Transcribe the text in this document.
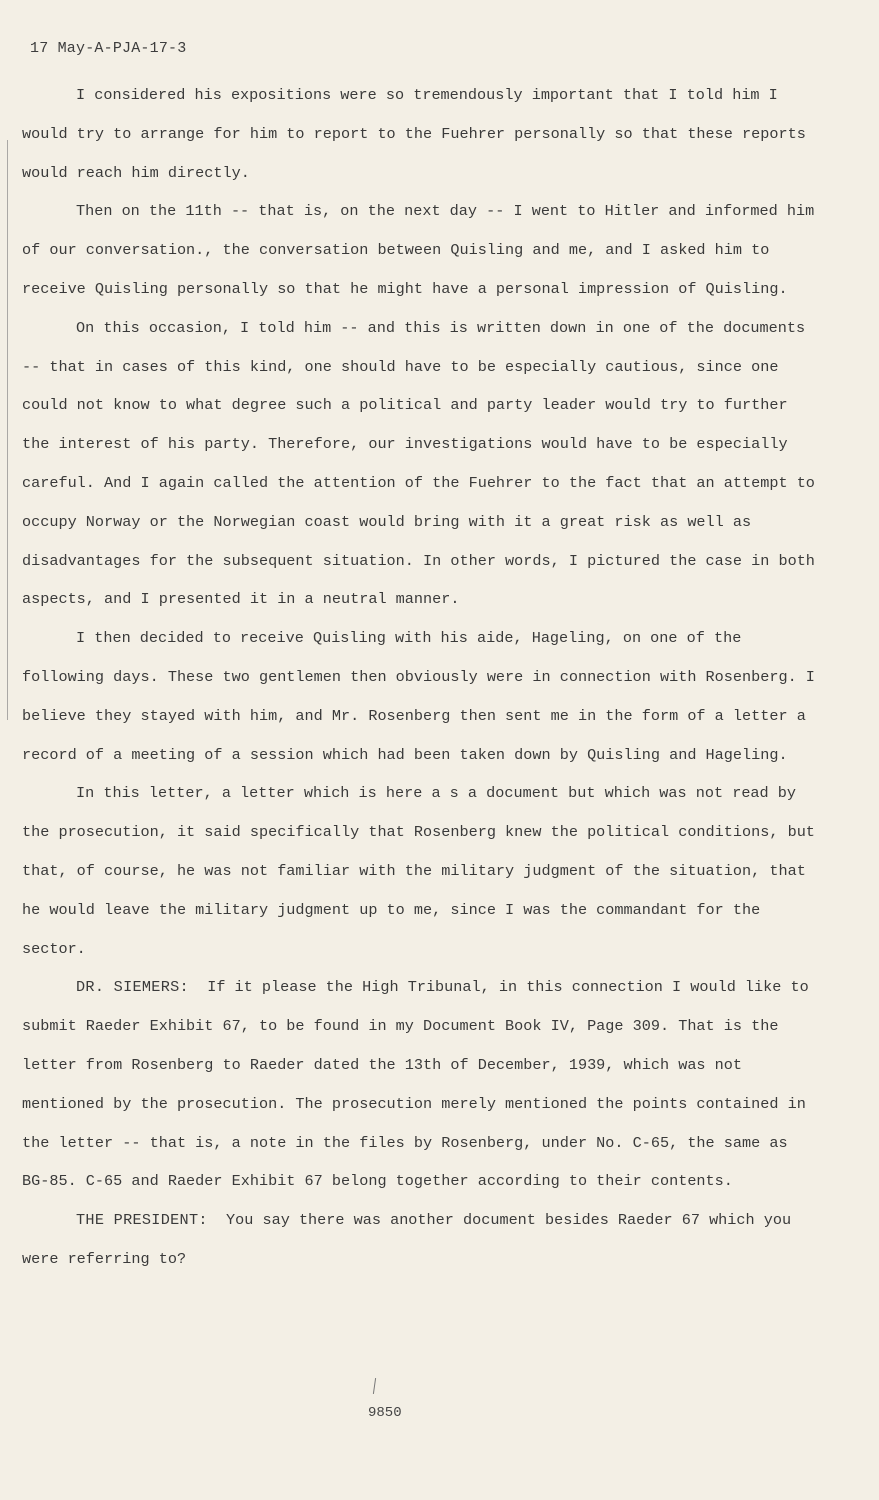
17 May-A-PJA-17-3

I considered his expositions were so tremendously important that I told him I would try to arrange for him to report to the Fuehrer personally so that these reports would reach him directly.

Then on the 11th -- that is, on the next day -- I went to Hitler and informed him of our conversation., the conversation between Quisling and me, and I asked him to receive Quisling personally so that he might have a personal impression of Quisling.

On this occasion, I told him -- and this is written down in one of the documents -- that in cases of this kind, one should have to be especially cautious, since one could not know to what degree such a political and party leader would try to further the interest of his party. Therefore, our investigations would have to be especially careful. And I again called the attention of the Fuehrer to the fact that an attempt to occupy Norway or the Norwegian coast would bring with it a great risk as well as disadvantages for the subsequent situation. In other words, I pictured the case in both aspects, and I presented it in a neutral manner.

I then decided to receive Quisling with his aide, Hageling, on one of the following days. These two gentlemen then obviously were in connection with Rosenberg. I believe they stayed with him, and Mr. Rosenberg then sent me in the form of a letter a record of a meeting of a session which had been taken down by Quisling and Hageling.

In this letter, a letter which is here a s a document but which was not read by the prosecution, it said specifically that Rosenberg knew the political conditions, but that, of course, he was not familiar with the military judgment of the situation, that he would leave the military judgment up to me, since I was the commandant for the sector.

DR. SIEMERS: If it please the High Tribunal, in this connection I would like to submit Raeder Exhibit 67, to be found in my Document Book IV, Page 309. That is the letter from Rosenberg to Raeder dated the 13th of December, 1939, which was not mentioned by the prosecution. The prosecution merely mentioned the points contained in the letter -- that is, a note in the files by Rosenberg, under No. C-65, the same as BG-85. C-65 and Raeder Exhibit 67 belong together according to their contents.

THE PRESIDENT: You say there was another document besides Raeder 67 which you were referring to?

9850
